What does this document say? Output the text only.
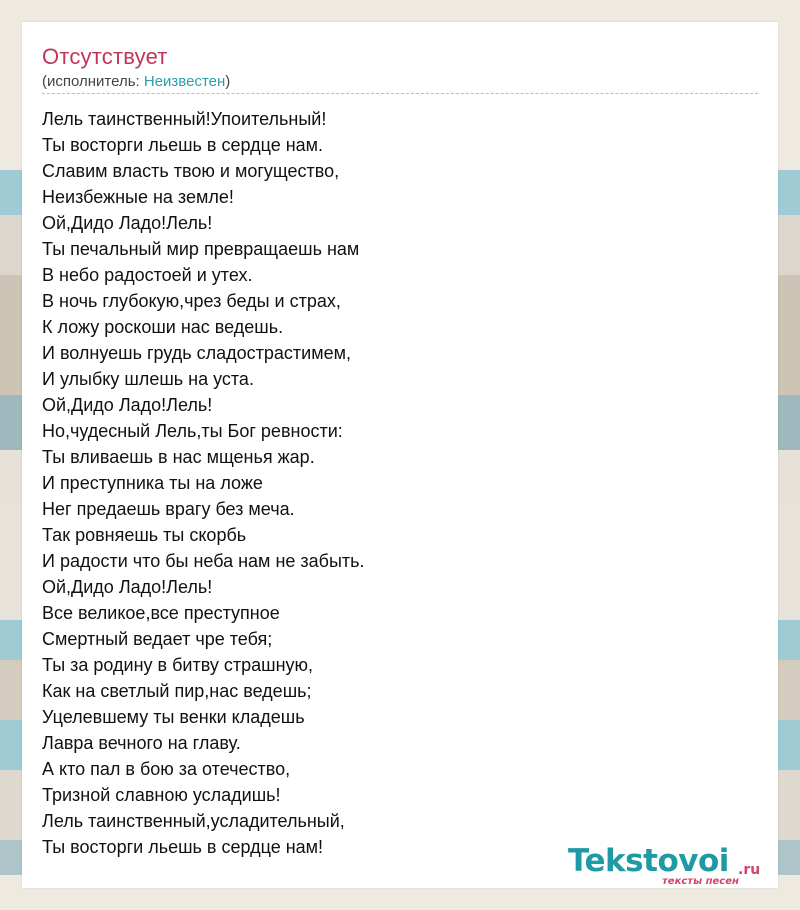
Отсутствует
(исполнитель: Неизвестен)
Лель таинственный!Упоительный!
Ты восторги льешь в сердце нам.
Славим власть твою и могущество,
Неизбежные на земле!
Ой,Дидо Ладо!Лель!
Ты печальный мир превращаешь нам
В небо радостоей и утех.
В ночь глубокую,чрез беды и страх,
К ложу роскоши нас ведешь.
И волнуешь грудь сладострастимем,
И улыбку шлешь на уста.
Ой,Дидо Ладо!Лель!
Но,чудесный Лель,ты Бог ревности:
Ты вливаешь в нас мщенья жар.
И преступника ты на ложе
Нег предаешь врагу без меча.
Так ровняешь ты скорбь
И радости что бы неба нам не забыть.
Ой,Дидо Ладо!Лель!
Все великое,все преступное
Смертный ведает чре тебя;
Ты за родину в битву страшную,
Как на светлый пир,нас ведешь;
Уцелевшему ты венки кладешь
Лавра вечного на главу.
А кто пал в бою за отечество,
Тризной славною усладишь!
Лель таинственный,усладительный,
Ты восторги льешь в сердце нам!	Tekstovoi .ru
тексты песен
